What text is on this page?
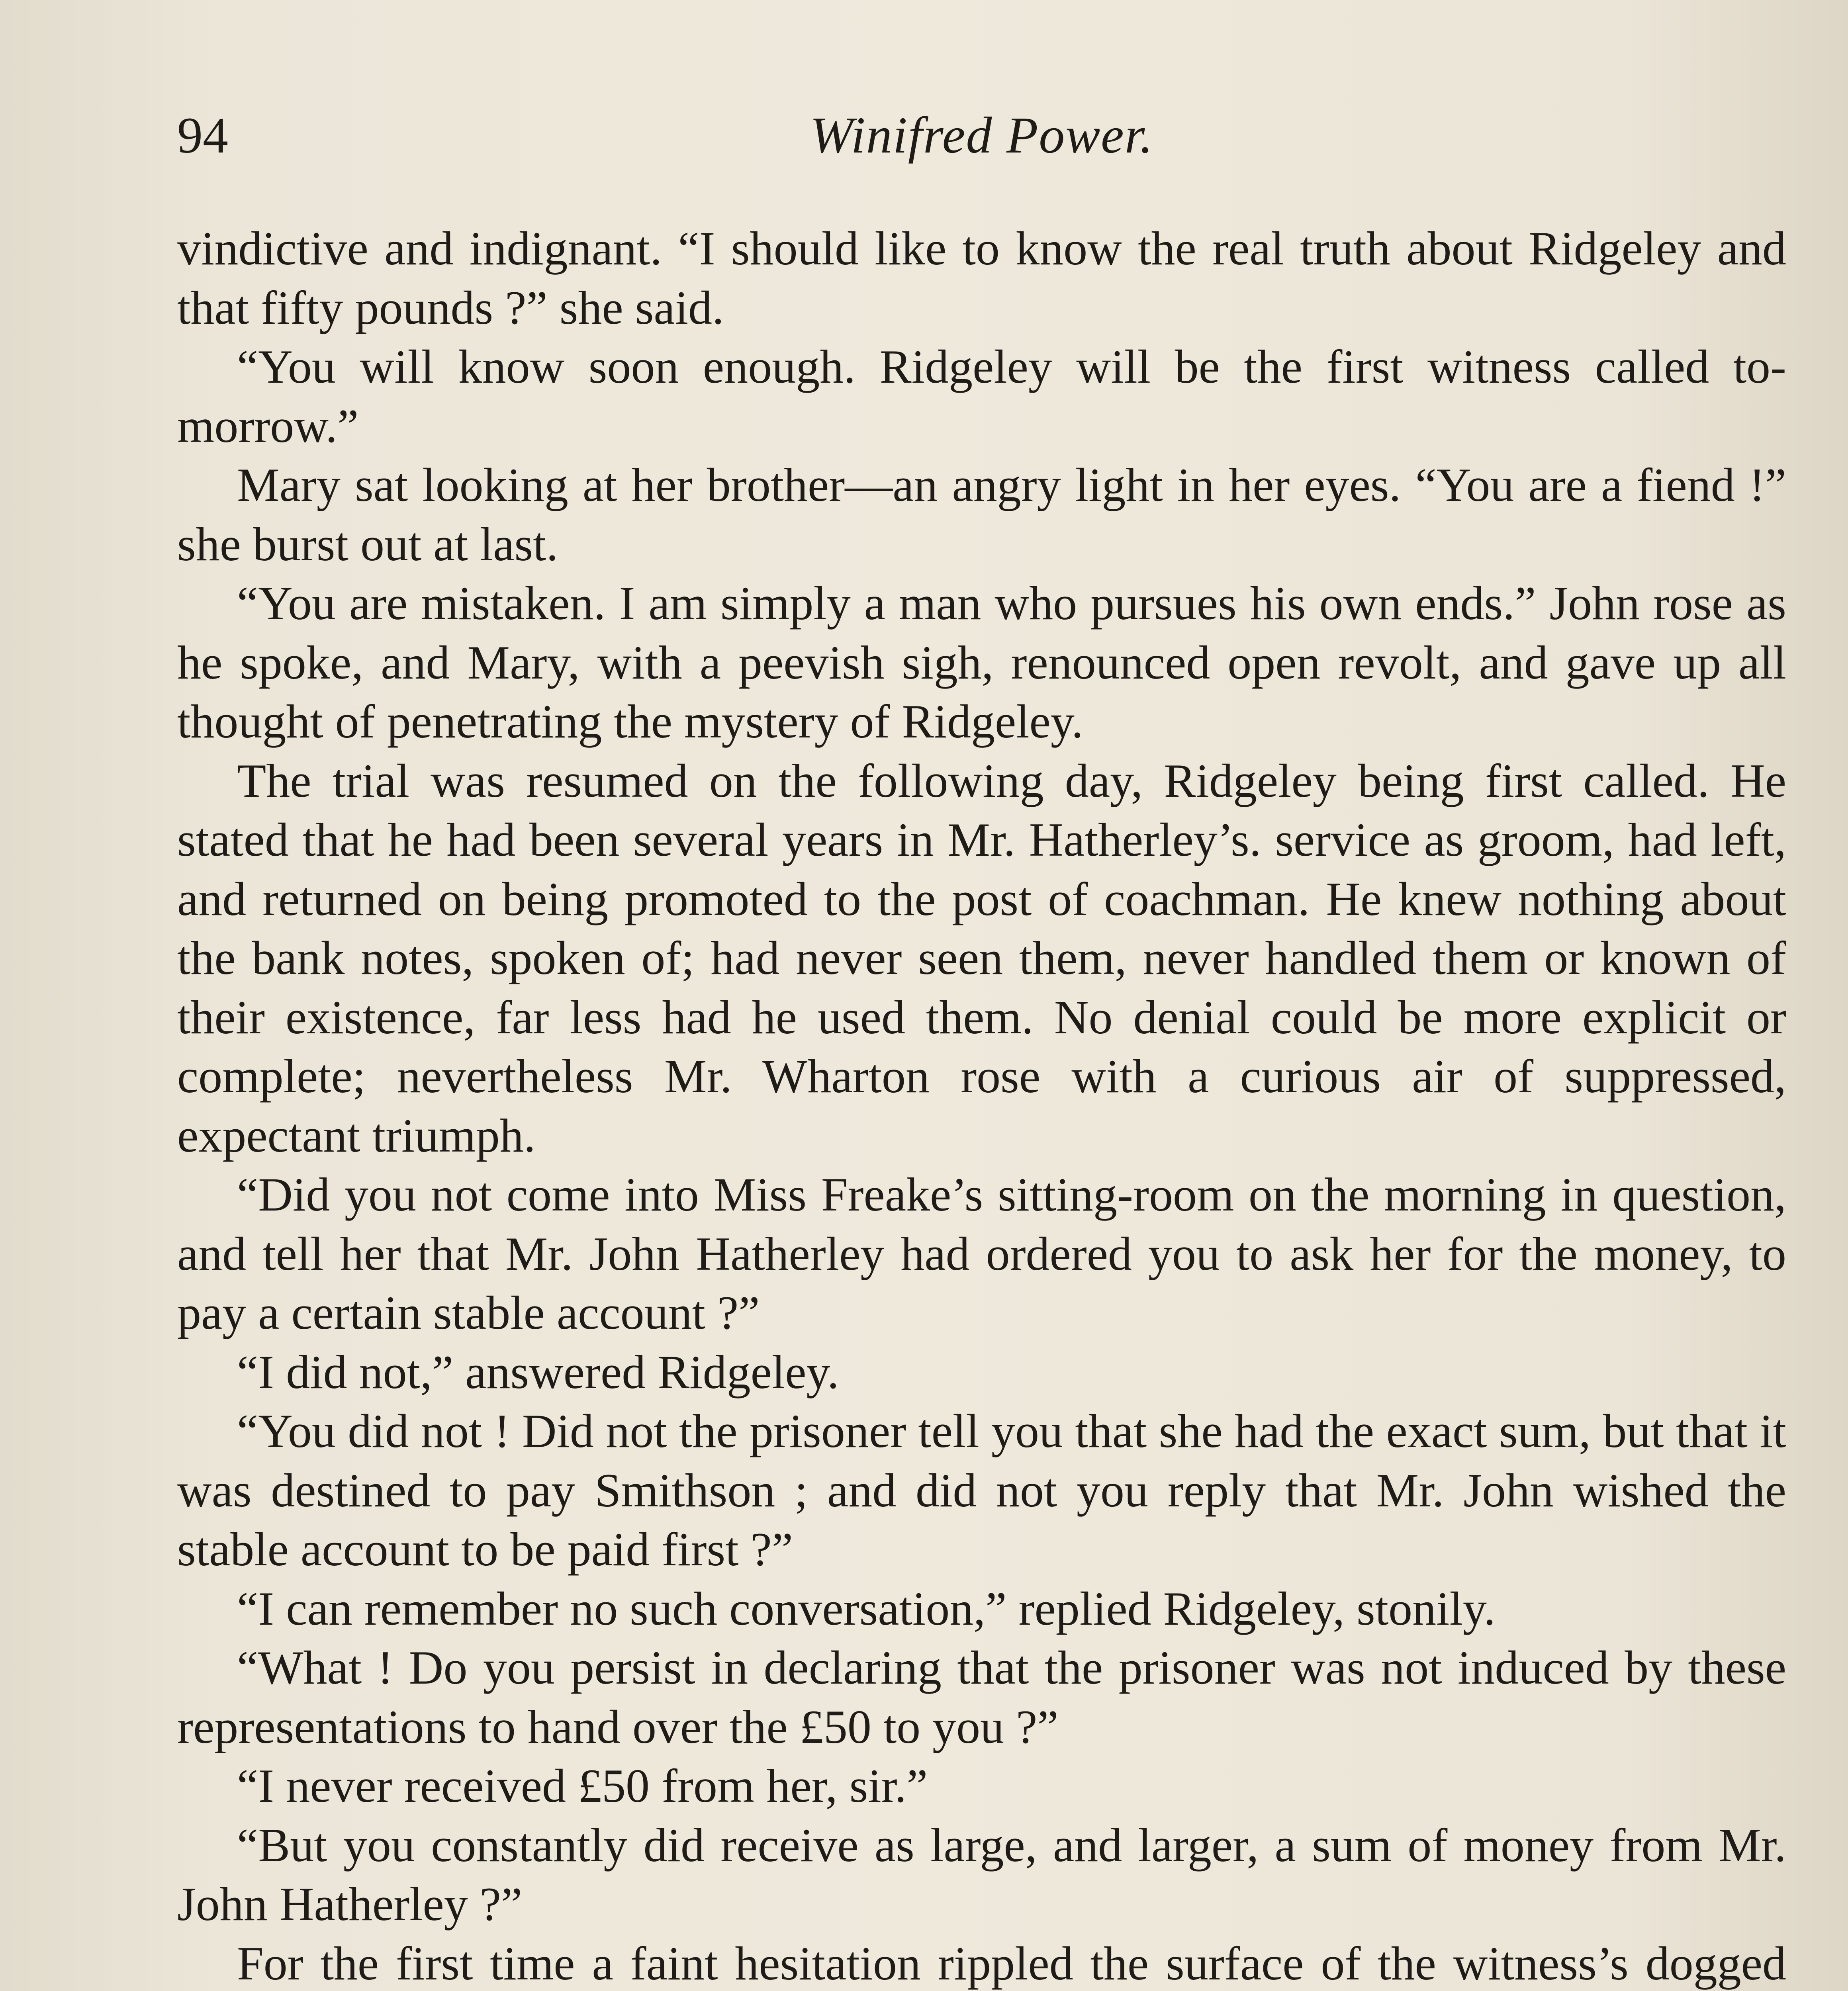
94	Winifred Power.

vindictive and indignant. “I should like to know the real truth about Ridgeley and that fifty pounds ?” she said.

“You will know soon enough. Ridgeley will be the first witness called to-morrow.”

Mary sat looking at her brother—an angry light in her eyes. “You are a fiend !” she burst out at last.

“You are mistaken. I am simply a man who pursues his own ends.” John rose as he spoke, and Mary, with a peevish sigh, renounced open revolt, and gave up all thought of penetrating the mystery of Ridgeley.

The trial was resumed on the following day, Ridgeley being first called. He stated that he had been several years in Mr. Hatherley’s. service as groom, had left, and returned on being promoted to the post of coachman. He knew nothing about the bank notes, spoken of; had never seen them, never handled them or known of their existence, far less had he used them. No denial could be more explicit or complete; nevertheless Mr. Wharton rose with a curious air of suppressed, expectant triumph.

“Did you not come into Miss Freake’s sitting-room on the morning in question, and tell her that Mr. John Hatherley had ordered you to ask her for the money, to pay a certain stable account ?”

“I did not,” answered Ridgeley.

“You did not ! Did not the prisoner tell you that she had the exact sum, but that it was destined to pay Smithson ; and did not you reply that Mr. John wished the stable account to be paid first ?”

“I can remember no such conversation,” replied Ridgeley, stonily.

“What ! Do you persist in declaring that the prisoner was not induced by these representations to hand over the £50 to you ?”

“I never received £50 from her, sir.”

“But you constantly did receive as large, and larger, a sum of money from Mr. John Hatherley ?”

For the first time a faint hesitation rippled the surface of the witness’s dogged
